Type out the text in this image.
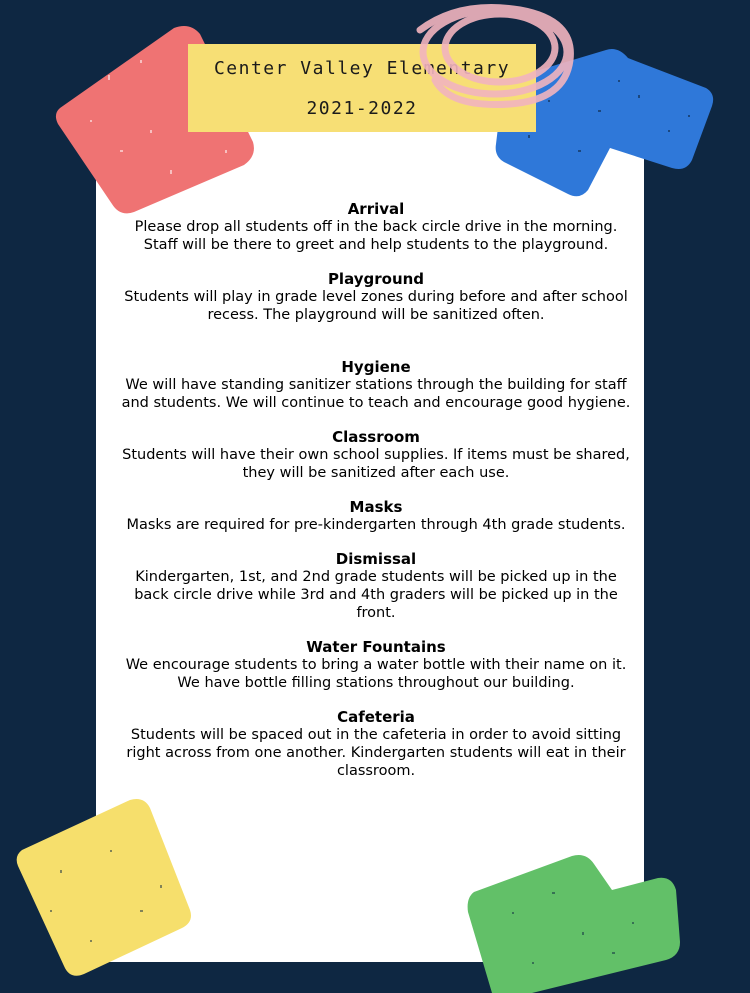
Center Valley Elementary
2021-2022
Arrival

Please drop all students off in the back circle drive in the morning. Staff will be there to greet and help students to the playground.

Playground

Students will play in grade level zones during before and after school recess. The playground will be sanitized often.

Hygiene

We will have standing sanitizer stations through the building for staff and students. We will continue to teach and encourage good hygiene.

Classroom

Students will have their own school supplies. If items must be shared, they will be sanitized after each use.

Masks

Masks are required for pre-kindergarten through 4th grade students.

Dismissal

Kindergarten, 1st, and 2nd grade students will be picked up in the back circle drive while 3rd and 4th graders will be picked up in the front.

Water Fountains

We encourage students to bring a water bottle with their name on it. We have bottle filling stations throughout our building.

Cafeteria

Students will be spaced out in the cafeteria in order to avoid sitting right across from one another. Kindergarten students will eat in their classroom.
